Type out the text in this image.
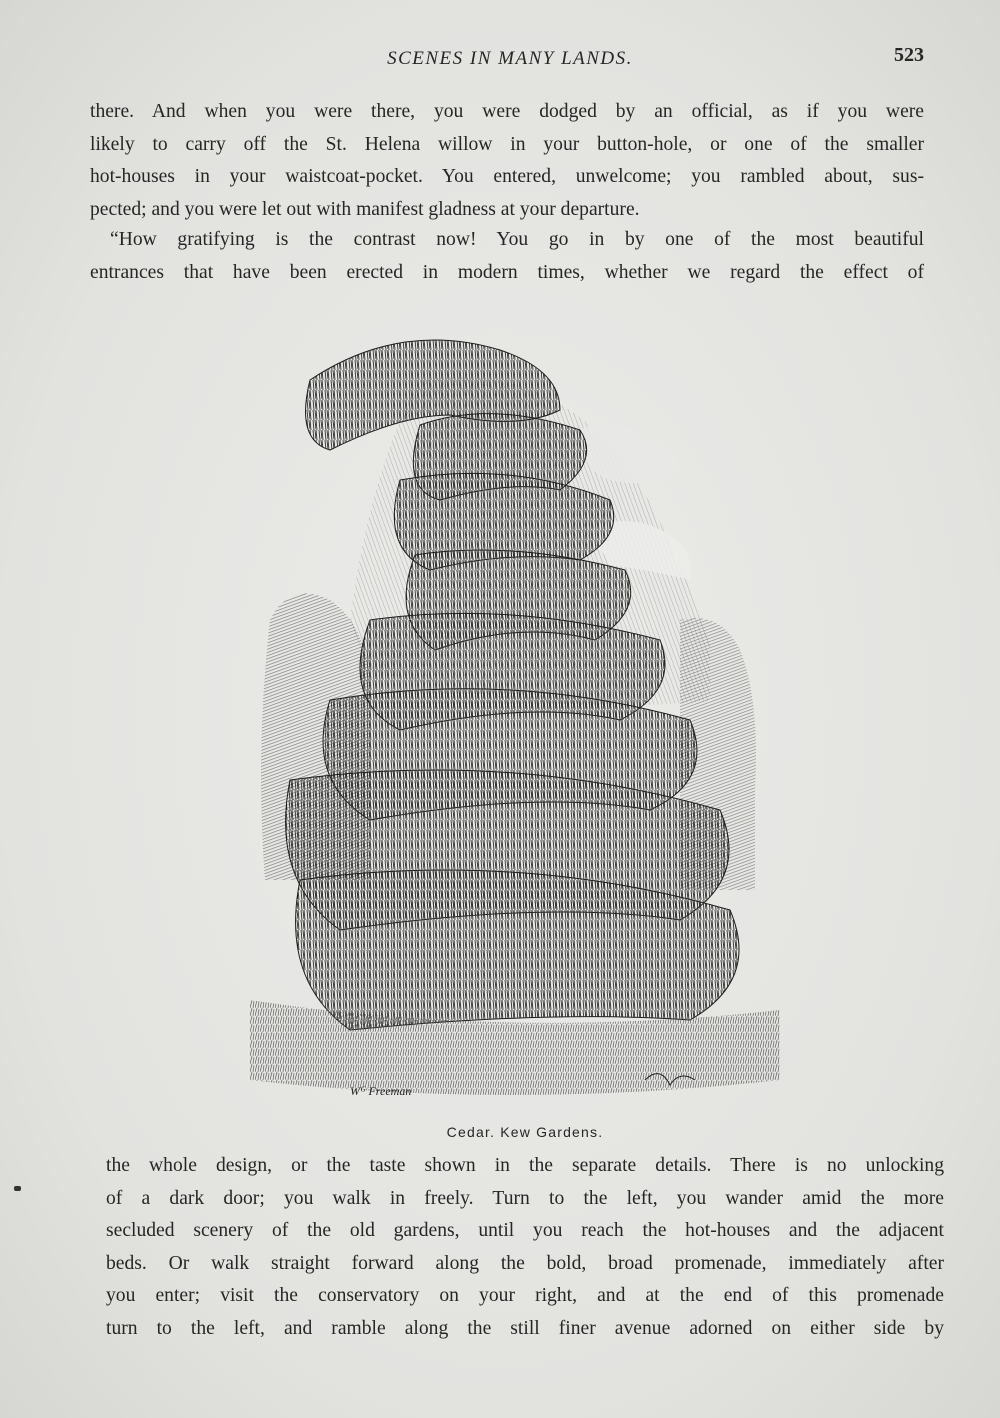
SCENES IN MANY LANDS.	523
there. And when you were there, you were dodged by an official, as if you were
likely to carry off the St. Helena willow in your button-hole, or one of the smaller
hot-houses in your waistcoat-pocket. You entered, unwelcome; you rambled about, sus-
pected; and you were let out with manifest gladness at your departure.
“How gratifying is the contrast now! You go in by one of the most beautiful
entrances that have been erected in modern times, whether we regard the effect of
Wᴳ Freeman
Cedar. Kew Gardens.
the whole design, or the taste shown in the separate details. There is no unlocking
of a dark door; you walk in freely. Turn to the left, you wander amid the more
secluded scenery of the old gardens, until you reach the hot-houses and the adjacent
beds. Or walk straight forward along the bold, broad promenade, immediately after
you enter; visit the conservatory on your right, and at the end of this promenade
turn to the left, and ramble along the still finer avenue adorned on either side by
